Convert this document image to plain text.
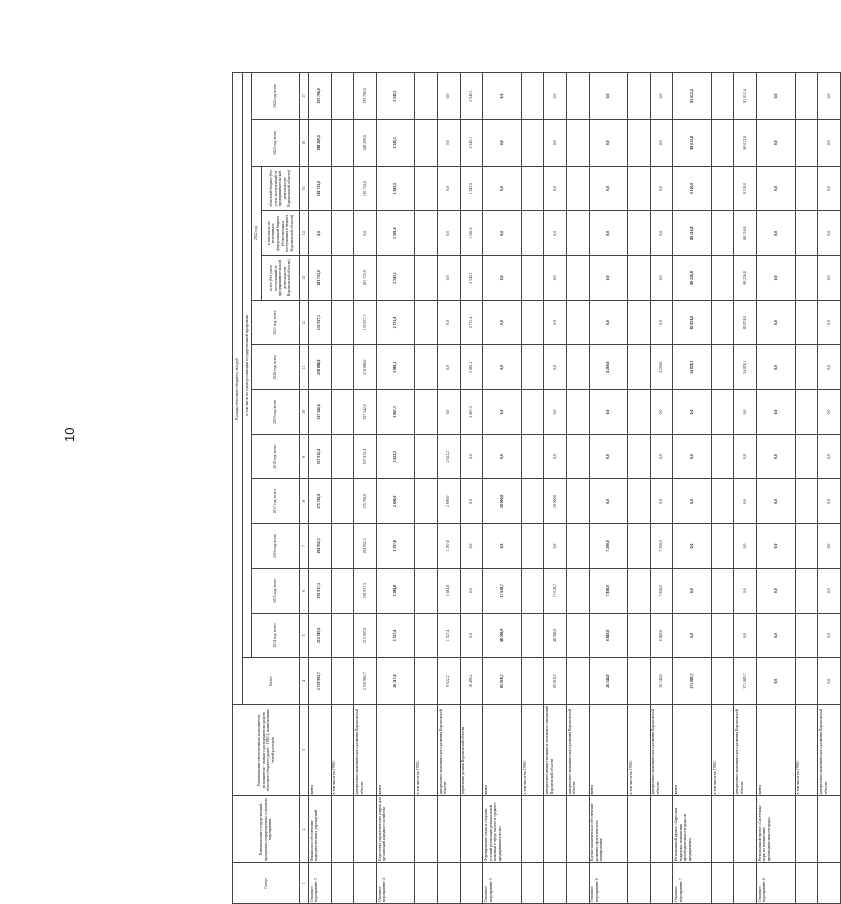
10
Статус	Наименование государственной программы, подпрограммы, основного мероприятия	Наименование ответственного исполнителя, исполнителя - главного распорядителя средств областного бюджета (далее - ГРБС), наименование статей расходов	Расходы областного бюджета, тыс.руб.													
			Всего	в том числе по годам реализации государственной программы												
				2014 год, всего	2015 год, всего	2016 год, всего	2017 год, всего	2018 год, всего	2019 год, всего	2020 год, всего	2021 год, всего	2022 год			2023 год, всего	2024 год, всего
												всего (без учета поступлений от предпринимательской деятельности Воронежской области)	в том числе по источникам:
федеральный бюджет (безвозмездные поступления в бюджет Воронежской области)	областной бюджет (без учета поступлений от предпринимательской деятельности Воронежской области)		
1	2	3	4	5	6	7	8	9	10	11	12	13	14	15	16	17
Основное мероприятие 3	Финансовое обеспечение подведомственных учреждений	всего	2 570 992,7	215 387,0	193 917,3	194 952,3	175 765,0	537 915,4	337 342,6	218 088,0	133 917,1	181 723,0	0,0	181 723,0	188 209,0	193 796,0
		в том числе по ГРБС:														
		департамент экономического развития Воронежской области	2 570 992,7	215 387,0	193 917,3	194 952,3	175 765,0	537 915,4	337 342,6	218 088,0	133 917,1	181 723,0	0,0	181 723,0	188 209,0	193 796,0
Основное мероприятие 4	Подготовка управленческих кадров для организаций народного хозяйства	всего	26 117,4	1 527,4	1 584,8	1 197,8	2 690,0	2 622,2	3 067,3	3 081,2	2 731,4	2 545,1	1 501,6	1 043,5	2 545,1	2 545,1
		в том числе по ГРБС:														
		департамент экономического развития Воронежской области	9 622,2	1 527,4	1 584,8	1 197,8	2 690,0	2 622,2	0,0	0,0	0,0	0,0	0,0	0,0	0,0	0,0
		управление делами Воронежской области	16 495,2	0,0	0,0	0,0	0,0	0,0	3 067,3	3 081,2	2 731,4	2 545,1	1 501,6	1 043,5	2 545,1	2 545,1
Основное мероприятие 5	Формирование основ и создание условий реализации региональной политики в сфере малого и среднего предпринимательства	всего	85 918,7	48 300,0	17 618,7	0,0	20 000,0	0,0	0,0	0,0	0,0	0,0	0,0	0,0	0,0	0,0
		в том числе по ГРБС:														
		департамент имущественных и земельных отношений Воронежской области	85 918,7	48 300,0	17 618,7	0,0	20 000,0	0,0	0,0	0,0	0,0	0,0	0,0	0,0	0,0	0,0
		департамент экономического развития Воронежской области														
Основное мероприятие 6	Научно-аналитическое обеспечение развития стратегического планирования	всего	26 144,0	6 845,0	7 838,0	7 200,0	0,0	0,0	0,0	4 260,0	0,0	0,0	0,0	0,0	0,0	0,0
		в том числе по ГРБС:														
		департамент экономического развития Воронежской области	26 144,0	6 845,0	7 838,0	7 200,0	0,0	0,0	0,0	4 260,0	0,0	0,0	0,0	0,0	0,0	0,0
Основное мероприятие 7	Региональный проект «Адресная поддержка повышения производительности труда на предприятиях»	всего	371 085,7	0,0	0,0	0,0	0,0	0,0	0,0	34 878,1	85 874,6	89 226,8	80 116,8	9 110,0	80 013,8	81 012,4
		в том числе по ГРБС:														
		департамент экономического развития Воронежской области	371 085,7	0,0	0,0	0,0	0,0	0,0	0,0	34 878,1	85 874,6	89 226,8	80 116,8	9 110,0	80 013,8	81 012,4
Основное мероприятие 8	Региональный проект «Системные меры по повышению производительности труда»	всего	0,0	0,0	0,0	0,0	0,0	0,0	0,0	0,0	0,0	0,0	0,0	0,0	0,0	0,0
		в том числе по ГРБС:														
		департамент экономического развития Воронежской области	0,0	0,0	0,0	0,0	0,0	0,0	0,0	0,0	0,0	0,0	0,0	0,0	0,0	0,0
